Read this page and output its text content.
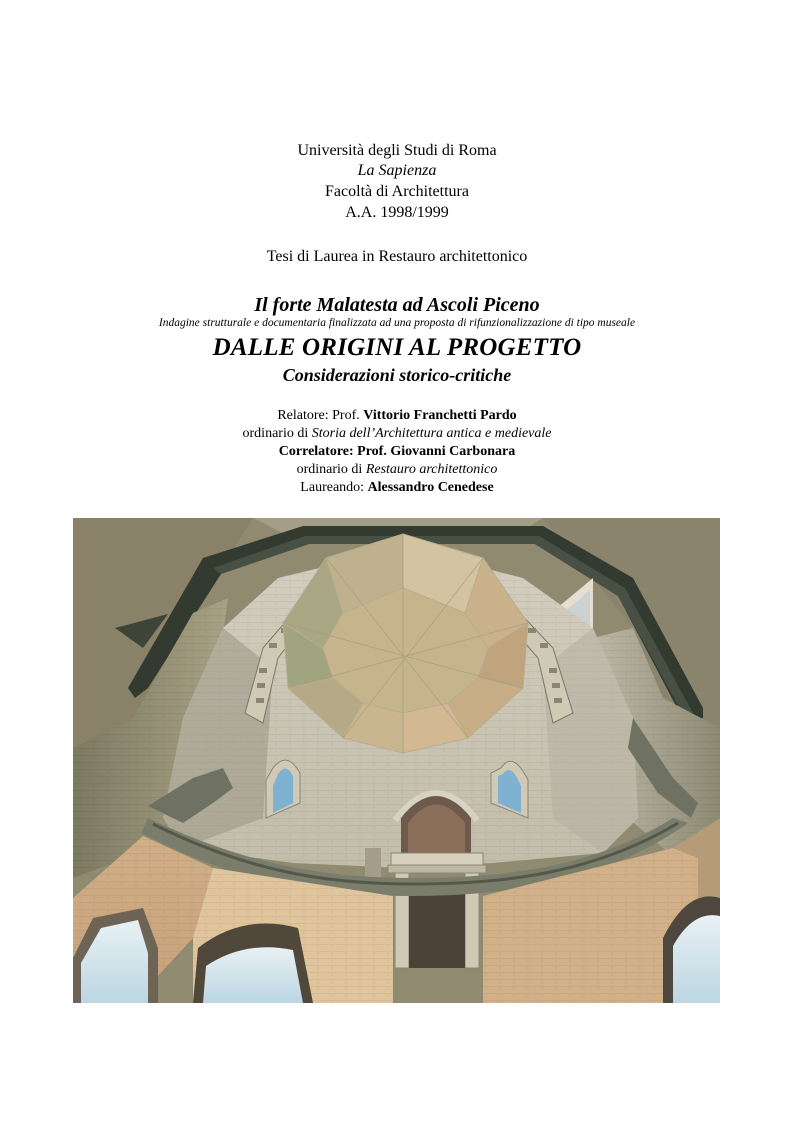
Università degli Studi di Roma
La Sapienza
Facoltà di Architettura
A.A. 1998/1999
Tesi di Laurea in Restauro architettonico
Il forte Malatesta ad Ascoli Piceno
Indagine strutturale e documentaria finalizzata ad una proposta di rifunzionalizzazione di tipo museale
DALLE ORIGINI AL PROGETTO
Considerazioni storico-critiche
Relatore: Prof. Vittorio Franchetti Pardo
ordinario di Storia dell’Architettura antica e medievale
Correlatore: Prof. Giovanni Carbonara
ordinario di Restauro architettonico
Laureando: Alessandro Cenedese
